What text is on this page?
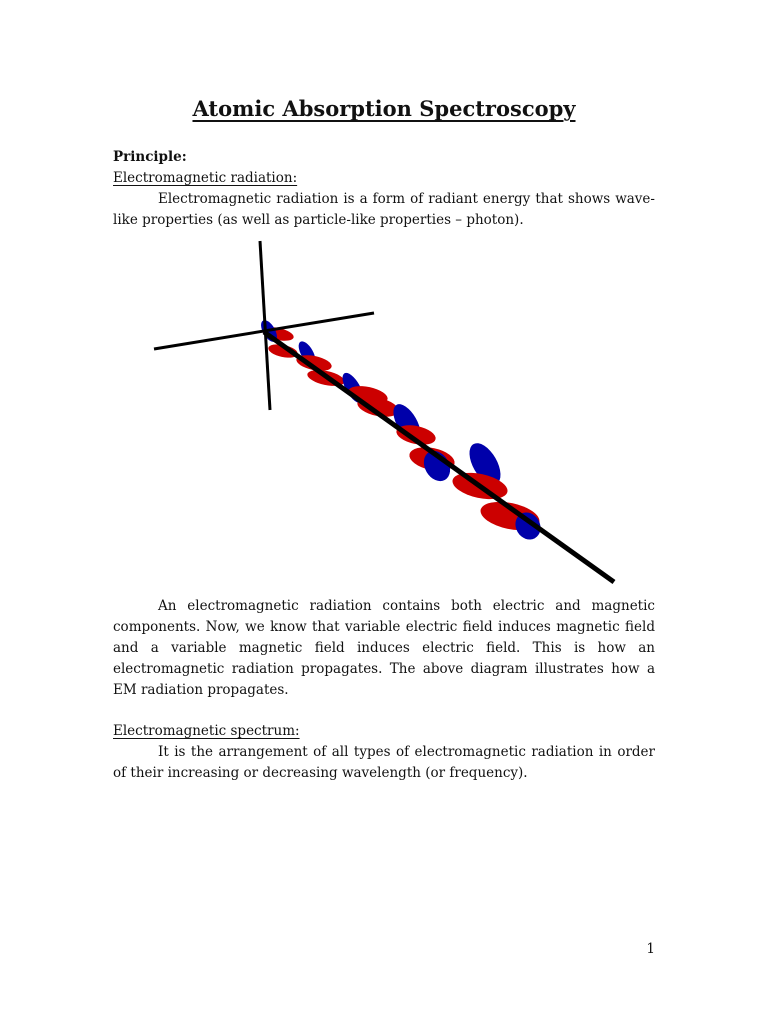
Atomic Absorption Spectroscopy
Principle:
Electromagnetic radiation:

Electromagnetic radiation is a form of radiant energy that shows wave-like properties (as well as particle-like properties – photon).

An electromagnetic radiation contains both electric and magnetic components. Now, we know that variable electric field induces magnetic field and a variable magnetic field induces electric field. This is how an electromagnetic radiation propagates. The above diagram illustrates how a EM radiation propagates.

Electromagnetic spectrum:

It is the arrangement of all types of electromagnetic radiation in order of their increasing or decreasing wavelength (or frequency).

1
